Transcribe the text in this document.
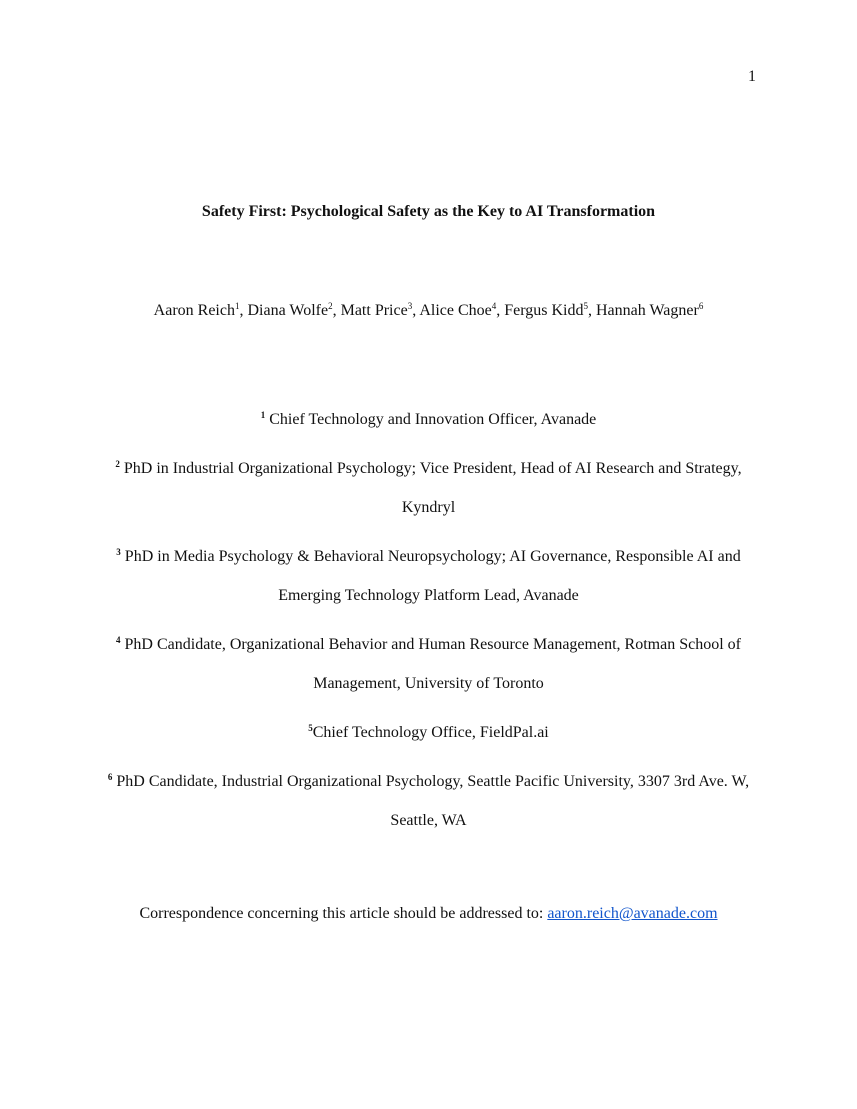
1
Safety First: Psychological Safety as the Key to AI Transformation
Aaron Reich$^1$, Diana Wolfe$^2$, Matt Price$^3$, Alice Choe$^4$, Fergus Kidd$^5$, Hannah Wagner$^6$

$^1$ Chief Technology and Innovation Officer, Avanade

$^2$ PhD in Industrial Organizational Psychology; Vice President, Head of AI Research and Strategy, Kyndryl

$^3$ PhD in Media Psychology & Behavioral Neuropsychology; AI Governance, Responsible AI and Emerging Technology Platform Lead, Avanade

$^4$ PhD Candidate, Organizational Behavior and Human Resource Management, Rotman School of Management, University of Toronto

$^5$Chief Technology Office, FieldPal.ai

$^6$ PhD Candidate, Industrial Organizational Psychology, Seattle Pacific University, 3307 3rd Ave. W, Seattle, WA

Correspondence concerning this article should be addressed to: aaron.reich@avanade.com
